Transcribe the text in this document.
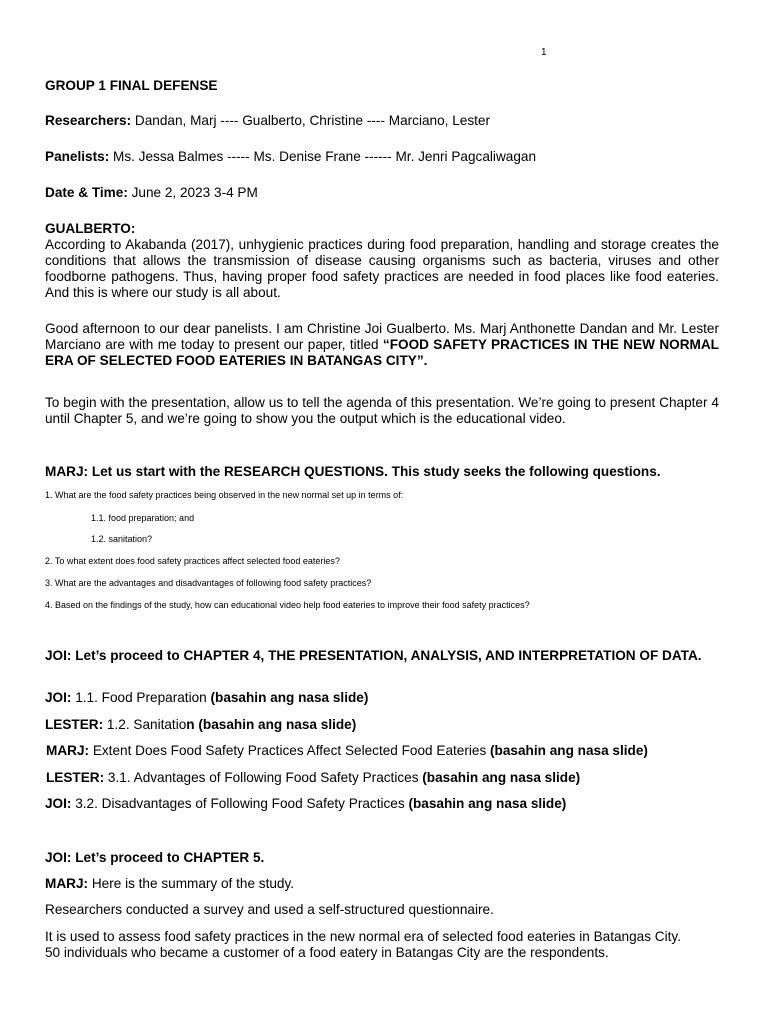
1
GROUP 1 FINAL DEFENSE
Researchers: Dandan, Marj ---- Gualberto, Christine ---- Marciano, Lester
Panelists: Ms. Jessa Balmes ----- Ms. Denise Frane ------ Mr. Jenri Pagcaliwagan
Date & Time: June 2, 2023 3-4 PM
GUALBERTO:
According to Akabanda (2017), unhygienic practices during food preparation, handling and storage creates the conditions that allows the transmission of disease causing organisms such as bacteria, viruses and other foodborne pathogens. Thus, having proper food safety practices are needed in food places like food eateries. And this is where our study is all about.
Good afternoon to our dear panelists. I am Christine Joi Gualberto. Ms. Marj Anthonette Dandan and Mr. Lester Marciano are with me today to present our paper, titled “FOOD SAFETY PRACTICES IN THE NEW NORMAL ERA OF SELECTED FOOD EATERIES IN BATANGAS CITY”.
To begin with the presentation, allow us to tell the agenda of this presentation. We’re going to present Chapter 4 until Chapter 5, and we’re going to show you the output which is the educational video.
MARJ: Let us start with the RESEARCH QUESTIONS. This study seeks the following questions.
1. What are the food safety practices being observed in the new normal set up in terms of:
1.1. food preparation; and
1.2. sanitation?
2. To what extent does food safety practices affect selected food eateries?
3. What are the advantages and disadvantages of following food safety practices?
4. Based on the findings of the study, how can educational video help food eateries to improve their food safety practices?
JOI: Let’s proceed to CHAPTER 4, THE PRESENTATION, ANALYSIS, AND INTERPRETATION OF DATA.
JOI: 1.1. Food Preparation (basahin ang nasa slide)
LESTER: 1.2. Sanitation (basahin ang nasa slide)
MARJ: Extent Does Food Safety Practices Affect Selected Food Eateries (basahin ang nasa slide)
LESTER: 3.1. Advantages of Following Food Safety Practices (basahin ang nasa slide)
JOI: 3.2. Disadvantages of Following Food Safety Practices (basahin ang nasa slide)
JOI: Let’s proceed to CHAPTER 5.
MARJ: Here is the summary of the study.
Researchers conducted a survey and used a self-structured questionnaire.
It is used to assess food safety practices in the new normal era of selected food eateries in Batangas City.
50 individuals who became a customer of a food eatery in Batangas City are the respondents.
